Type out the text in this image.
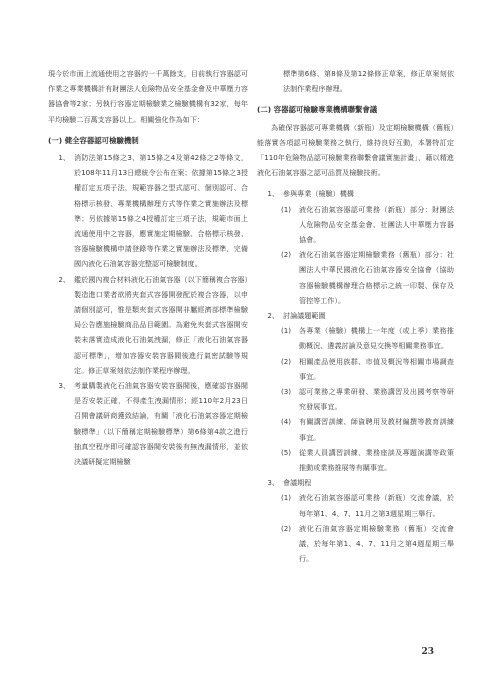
現今於市面上流通使用之容器約一千萬餘支，目前執行容器認可作業之專業機構計有財團法人危險物品安全基金會及中華壓力容器協會等2家；另執行容器定期檢驗業之檢驗機構有32家，每年平均檢驗二百萬支容器以上。相關強化作為如下：

(一) 健全容器認可檢驗機制
1、 消防法第15條之3、第15條之4及第42條之2等條文，於108年11月13日總統令公布在案；依據第15條之3授權訂定五項子法，規範容器之型式認可、個別認可、合格標示核發、專業機構辦理方式等作業之實施辦法及標準；另依據第15條之4授權訂定三項子法，規範市面上流通使用中之容器，應實施定期檢驗、合格標示核發、容器檢驗機構申請登錄等作業之實施辦法及標準，完備國內液化石油氣容器完整認可檢驗制度。
2、 鑑於國內複合材料液化石油氣容器（以下簡稱複合容器）製造進口業者欲將夾套式容器開發配於複合容器，以申請個別認可，惟是類夾套式容器開非屬經濟部標準檢驗局公告應施檢驗商品品目範圍。為避免夾套式容器開安裝未落實造成液化石油氣洩漏，修正「液化石油氣容器認可標準」，增加容器安裝容器閥後進行氣密試驗等規定。修正草案刻依法制作業程序辦理。
3、 考量購製液化石油氣容器安裝容器閥後，應確認容器閥是否安裝正確，不得產生洩漏情形；經110年2月23日召開會議研商獲致結論，有關「液化石油氣容器定期檢驗標準」（以下簡稱定期檢驗標準）第6條第4款之進行抽真空程序即可確認容器閥安裝後有無洩漏情形，並依決議研擬定期檢驗
標準第6條、第8條及第12條修正草案，修正草案刻依法制作業程序辦理。
(二) 容器認可檢驗專業機構聯繫會議

為確保容器認可專業機構（新瓶）及定期檢驗機構（舊瓶）能落實各項認可檢驗業務之執行，維持良好互動，本署特訂定「110年危險物品認可檢驗業務聯繫會議實施計畫」，藉以精進液化石油氣容器之認可品質及檢驗技術。

1、 參與專業（檢驗）機構
(1)	液化石油氣容器認可業務（新瓶）部分：財團法人危險物品安全基金會、社團法人中華壓力容器協會。
(2)	液化石油氣容器定期檢驗業務（舊瓶）部分：社團法人中華民國液化石油氣容器安全協會（協助容器檢驗機構辦理合格標示之統一印製、保存及管控等工作）。
2、 討論議題範圍
(1)	各專業（檢驗）機構上一年度（或上季）業務推動概況、遴義討論及意見交換等相關業務事宜。
(2)	相關產品使用族群、市值及概況等相關市場調查事宜。
(3)	認可業務之專業研發、業務講習及出國考察等研究發展事宜。
(4)	有關講習訓練、師資聘用及教材編撰等教育訓練事宜。
(5)	從業人員講習訓練、業務座談及專題演講等政策推動或業務推展等有關事宜。
3、 會議期程
(1)	液化石油氣容器認可業務（新瓶）交流會議，於每年第1、4、7、11月之第3週星期三舉行。
(2)	液化石油氣容器定期檢驗業務（舊瓶）交流會議，於每年第1、4、7、11月之第4週星期三舉行。
23
